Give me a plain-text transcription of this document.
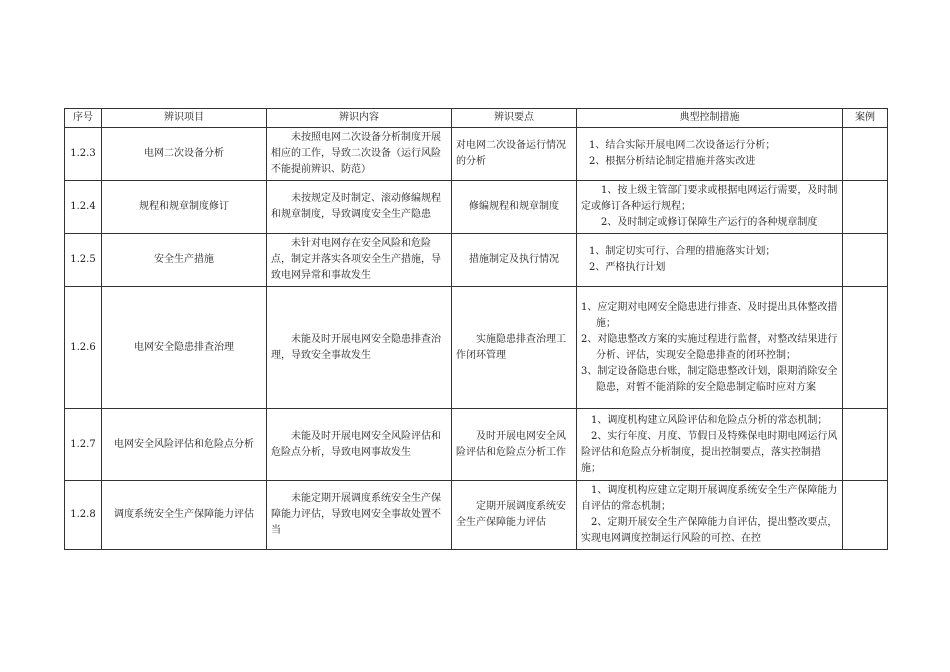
序号	辨识项目	辨识内容	辨识要点	典型控制措施	案例
1.2.3	电网二次设备分析	未按照电网二次设备分析制度开展相应的工作，导致二次设备（运行风险不能提前辨识、防范）	对电网二次设备运行情况的分析	1、结合实际开展电网二次设备运行分析；
2、根据分析结论制定措施并落实改进	

1.2.4	规程和规章制度修订	未按规定及时制定、滚动修编规程和规章制度，导致调度安全生产隐患	修编规程和规章制度	1、按上级主管部门要求或根据电网运行需要，及时制定或修订各种运行规程；
2、及时制定或修订保障生产运行的各种规章制度	

1.2.5	安全生产措施	未针对电网存在安全风险和危险点，制定并落实各项安全生产措施，导致电网异常和事故发生	措施制定及执行情况	1、制定切实可行、合理的措施落实计划；
2、严格执行计划	

1.2.6	电网安全隐患排查治理	未能及时开展电网安全隐患排查治理，导致安全事故发生	实施隐患排查治理工作闭环管理	1、应定期对电网安全隐患进行排查、及时提出具体整改措施；
2、对隐患整改方案的实施过程进行监督，对整改结果进行分析、评估，实现安全隐患排查的闭环控制；
3、制定设备隐患台账，制定隐患整改计划，限期消除安全隐患，对暂不能消除的安全隐患制定临时应对方案	

1.2.7	电网安全风险评估和危险点分析	未能及时开展电网安全风险评估和危险点分析，导致电网事故发生	及时开展电网安全风险评估和危险点分析工作	1、调度机构建立风险评估和危险点分析的常态机制；
2、实行年度、月度、节假日及特殊保电时期电网运行风险评估和危险点分析制度，提出控制要点，落实控制措施；	

1.2.8	调度系统安全生产保障能力评估	未能定期开展调度系统安全生产保障能力评估，导致电网安全事故处置不当	定期开展调度系统安全生产保障能力评估	1、调度机构应建立定期开展调度系统安全生产保障能力自评估的常态机制；
2、定期开展安全生产保障能力自评估，提出整改要点，实现电网调度控制运行风险的可控、在控	
